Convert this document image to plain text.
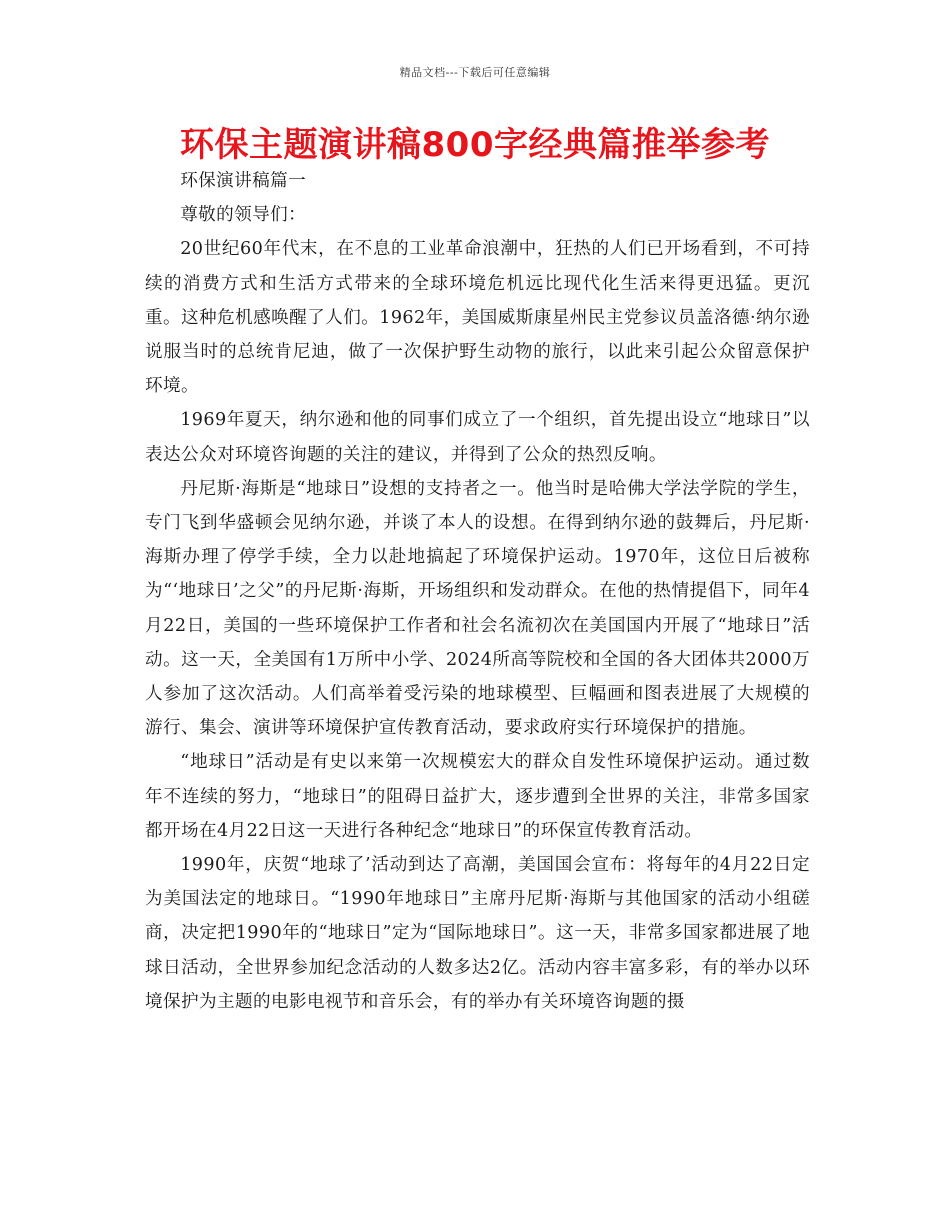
精品文档---下载后可任意编辑
环保主题演讲稿800字经典篇推举参考

环保演讲稿篇一

尊敬的领导们：

20世纪60年代末，在不息的工业革命浪潮中，狂热的人们已开场看到，不可持续的消费方式和生活方式带来的全球环境危机远比现代化生活来得更迅猛。更沉重。这种危机感唤醒了人们。1962年，美国威斯康星州民主党参议员盖洛德·纳尔逊说服当时的总统肯尼迪，做了一次保护野生动物的旅行，以此来引起公众留意保护环境。

1969年夏天，纳尔逊和他的同事们成立了一个组织，首先提出设立“地球日”以表达公众对环境咨询题的关注的建议，并得到了公众的热烈反响。

丹尼斯·海斯是“地球日”设想的支持者之一。他当时是哈佛大学法学院的学生，专门飞到华盛顿会见纳尔逊，并谈了本人的设想。在得到纳尔逊的鼓舞后，丹尼斯·海斯办理了停学手续，全力以赴地搞起了环境保护运动。1970年，这位日后被称为“‘地球日’之父”的丹尼斯·海斯，开场组织和发动群众。在他的热情提倡下，同年4月22日，美国的一些环境保护工作者和社会名流初次在美国国内开展了“地球日”活动。这一天，全美国有1万所中小学、2024所高等院校和全国的各大团体共2000万人参加了这次活动。人们高举着受污染的地球模型、巨幅画和图表进展了大规模的游行、集会、演讲等环境保护宣传教育活动，要求政府实行环境保护的措施。

“地球日”活动是有史以来第一次规模宏大的群众自发性环境保护运动。通过数年不连续的努力，“地球日”的阻碍日益扩大，逐步遭到全世界的关注，非常多国家都开场在4月22日这一天进行各种纪念“地球日”的环保宣传教育活动。

1990年，庆贺“地球了’活动到达了高潮，美国国会宣布：将每年的4月22日定为美国法定的地球日。“1990年地球日”主席丹尼斯·海斯与其他国家的活动小组磋商，决定把1990年的“地球日”定为“国际地球日”。这一天，非常多国家都进展了地球日活动，全世界参加纪念活动的人数多达2亿。活动内容丰富多彩，有的举办以环境保护为主题的电影电视节和音乐会，有的举办有关环境咨询题的摄
